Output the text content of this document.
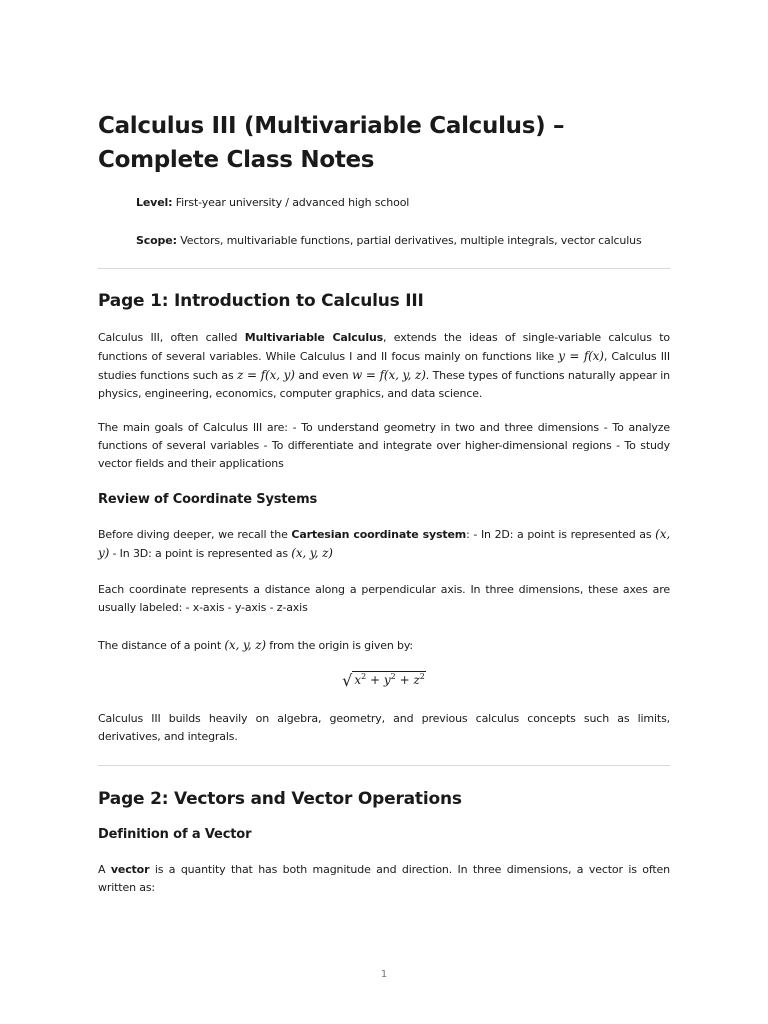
Calculus III (Multivariable Calculus) – Complete Class Notes
Level: First-year university / advanced high school
Scope: Vectors, multivariable functions, partial derivatives, multiple integrals, vector calculus
Page 1: Introduction to Calculus III

Calculus III, often called Multivariable Calculus, extends the ideas of single-variable calculus to functions of several variables. While Calculus I and II focus mainly on functions like y = f(x), Calculus III studies functions such as z = f(x, y) and even w = f(x, y, z). These types of functions naturally appear in physics, engineering, economics, computer graphics, and data science.

The main goals of Calculus III are: - To understand geometry in two and three dimensions - To analyze functions of several variables - To differentiate and integrate over higher-dimensional regions - To study vector fields and their applications

Review of Coordinate Systems

Before diving deeper, we recall the Cartesian coordinate system: - In 2D: a point is represented as (x, y) - In 3D: a point is represented as (x, y, z)

Each coordinate represents a distance along a perpendicular axis. In three dimensions, these axes are usually labeled: - x-axis - y-axis - z-axis

The distance of a point (x, y, z) from the origin is given by:

√ $x^2 + y^2 + z^2$

Calculus III builds heavily on algebra, geometry, and previous calculus concepts such as limits, derivatives, and integrals.

Page 2: Vectors and Vector Operations
Definition of a Vector

A vector is a quantity that has both magnitude and direction. In three dimensions, a vector is often written as:

1
